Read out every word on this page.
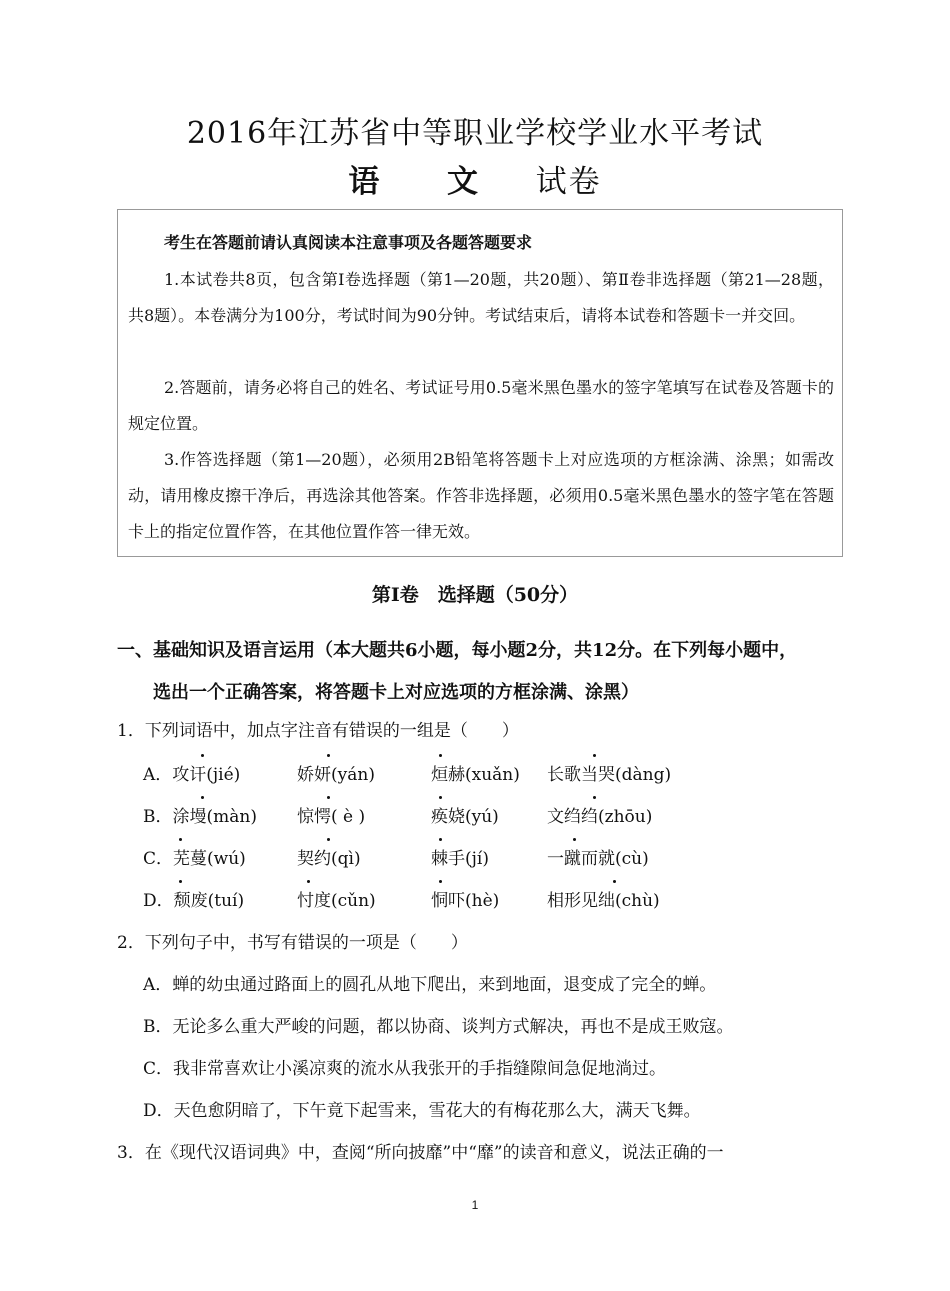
2016年江苏省中等职业学校学业水平考试
语 文 试卷
考生在答题前请认真阅读本注意事项及各题答题要求

1.本试卷共8页，包含第Ⅰ卷选择题（第1—20题，共20题）、第Ⅱ卷非选择题（第21—28题，共8题）。本卷满分为100分，考试时间为90分钟。考试结束后，请将本试卷和答题卡一并交回。

2.答题前，请务必将自己的姓名、考试证号用0.5毫米黑色墨水的签字笔填写在试卷及答题卡的规定位置。

3.作答选择题（第1—20题），必须用2B铅笔将答题卡上对应选项的方框涂满、涂黑；如需改动，请用橡皮擦干净后，再选涂其他答案。作答非选择题，必须用0.5毫米黑色墨水的签字笔在答题卡上的指定位置作答，在其他位置作答一律无效。

第Ⅰ卷　选择题（50分）
一、基础知识及语言运用（本大题共6小题，每小题2分，共12分。在下列每小题中，
选出一个正确答案，将答题卡上对应选项的方框涂满、涂黑）
1．下列词语中，加点字注音有错误的一组是（　　）
A．攻讦(jié)	娇妍(yán)	烜赫(xuǎn) 长歌当哭(dàng)
B．涂墁(màn) 惊愕( è )	痪娆(yú)	文绉绉(zhōu)
C．芜蔓(wú)	契约(qì)	棘手(jí)	一蹴而就(cù)
D．颓废(tuí)	忖度(cǔn)	恫吓(hè)	相形见绌(chù)
2．下列句子中，书写有错误的一项是（　　）
A．蝉的幼虫通过路面上的圆孔从地下爬出，来到地面，退变成了完全的蝉。
B．无论多么重大严峻的问题，都以协商、谈判方式解决，再也不是成王败寇。
C．我非常喜欢让小溪凉爽的流水从我张开的手指缝隙间急促地淌过。
D．天色愈阴暗了，下午竟下起雪来，雪花大的有梅花那么大，满天飞舞。
3．在《现代汉语词典》中，查阅“所向披靡”中“靡”的读音和意义，说法正确的一
1
